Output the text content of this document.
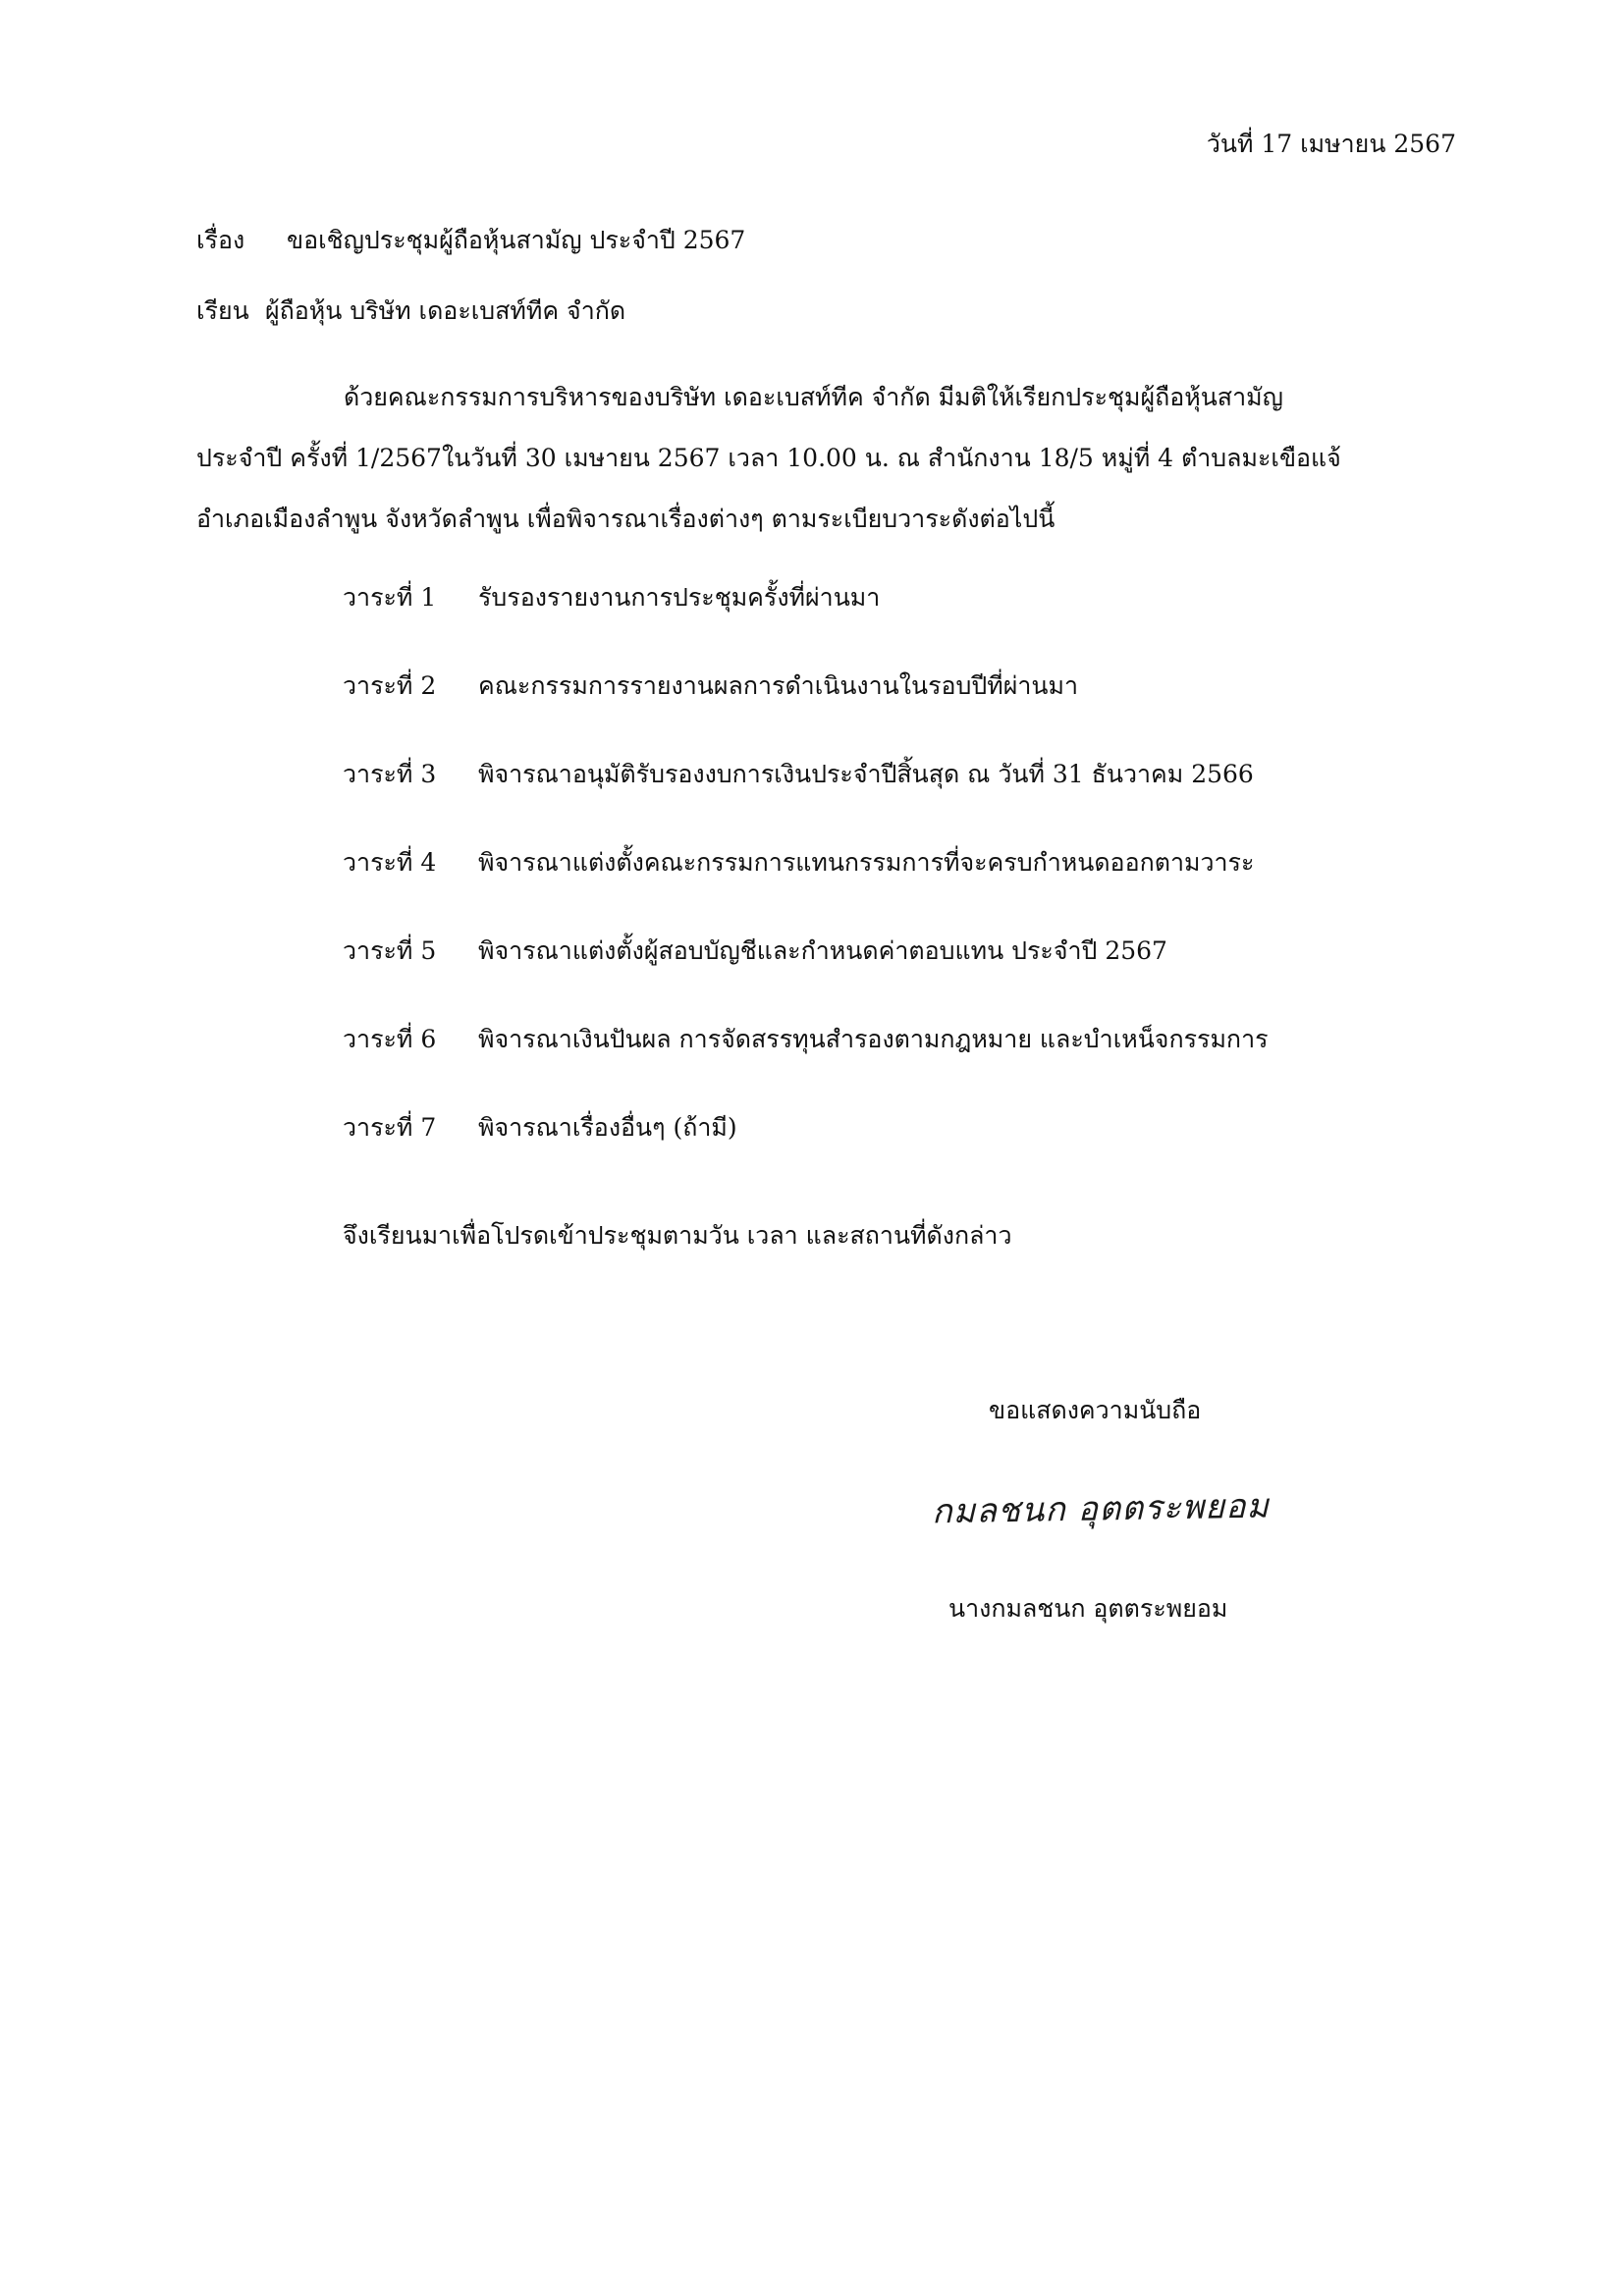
วันที่ 17 เมษายน 2567

เรื่อง ขอเชิญประชุมผู้ถือหุ้นสามัญ ประจำปี 2567

เรียน ผู้ถือหุ้น บริษัท เดอะเบสท์ทีค จำกัด

ด้วยคณะกรรมการบริหารของบริษัท เดอะเบสท์ทีค จำกัด มีมติให้เรียกประชุมผู้ถือหุ้นสามัญ
ประจำปี ครั้งที่ 1/2567ในวันที่ 30 เมษายน 2567 เวลา 10.00 น. ณ สำนักงาน 18/5 หมู่ที่ 4 ตำบลมะเขือแจ้
อำเภอเมืองลำพูน จังหวัดลำพูน เพื่อพิจารณาเรื่องต่างๆ ตามระเบียบวาระดังต่อไปนี้
วาระที่ 1 รับรองรายงานการประชุมครั้งที่ผ่านมา
วาระที่ 2 คณะกรรมการรายงานผลการดำเนินงานในรอบปีที่ผ่านมา
วาระที่ 3 พิจารณาอนุมัติรับรองงบการเงินประจำปีสิ้นสุด ณ วันที่ 31 ธันวาคม 2566
วาระที่ 4 พิจารณาแต่งตั้งคณะกรรมการแทนกรรมการที่จะครบกำหนดออกตามวาระ
วาระที่ 5 พิจารณาแต่งตั้งผู้สอบบัญชีและกำหนดค่าตอบแทน ประจำปี 2567
วาระที่ 6 พิจารณาเงินปันผล การจัดสรรทุนสำรองตามกฎหมาย และบำเหน็จกรรมการ
วาระที่ 7 พิจารณาเรื่องอื่นๆ (ถ้ามี)

จึงเรียนมาเพื่อโปรดเข้าประชุมตามวัน เวลา และสถานที่ดังกล่าว

ขอแสดงความนับถือ

กมลชนก อุตตระพยอม

นางกมลชนก อุตตระพยอม
